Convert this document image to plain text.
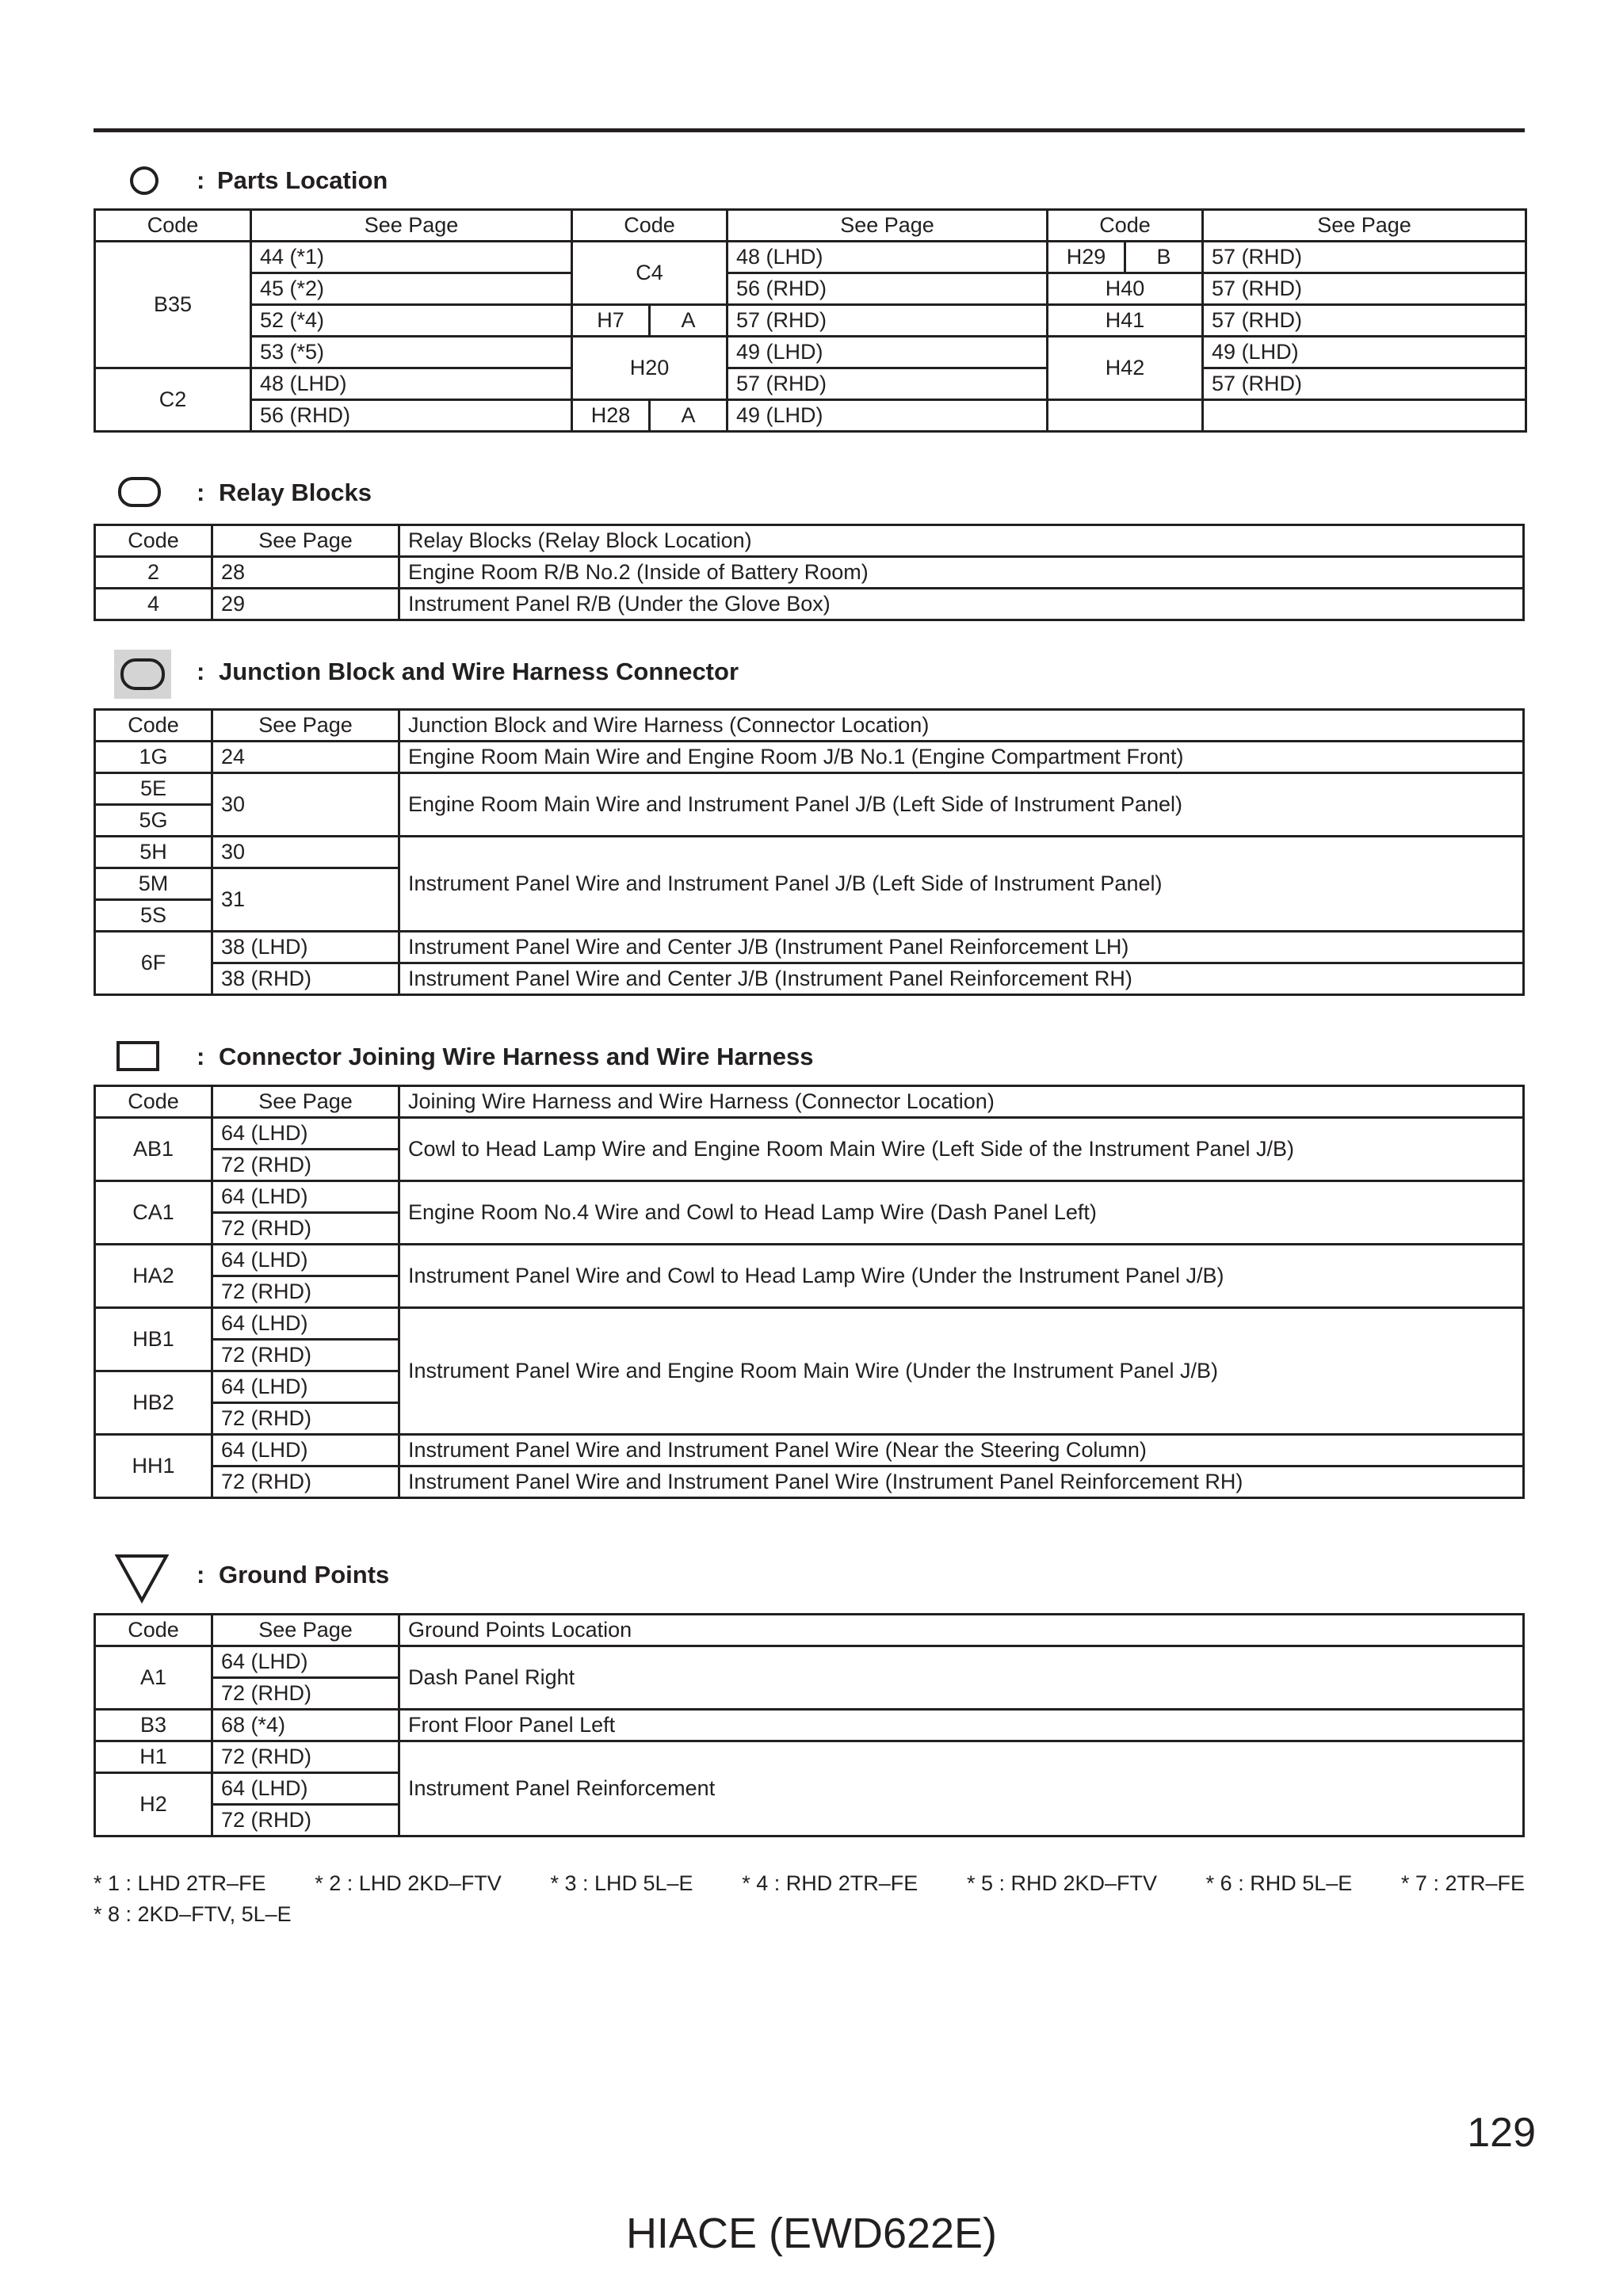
: Parts Location
Code	See Page	Code		See Page	Code		See Page
B35	44 (*1)	C4		48 (LHD)	H29	B	57 (RHD)
	45 (*2)			56 (RHD)	H40		57 (RHD)
	52 (*4)	H7	A	57 (RHD)	H41		57 (RHD)
	53 (*5)	H20		49 (LHD)	H42		49 (LHD)
C2	48 (LHD)			57 (RHD)			57 (RHD)
	56 (RHD)	H28	A	49 (LHD)			
: Relay Blocks
Code	See Page	Relay Blocks (Relay Block Location)
2	28	Engine Room R/B No.2 (Inside of Battery Room)
4	29	Instrument Panel R/B (Under the Glove Box)
: Junction Block and Wire Harness Connector
Code	See Page	Junction Block and Wire Harness (Connector Location)
1G	24	Engine Room Main Wire and Engine Room J/B No.1 (Engine Compartment Front)
5E	30	Engine Room Main Wire and Instrument Panel J/B (Left Side of Instrument Panel)
5G		
5H	30	Instrument Panel Wire and Instrument Panel J/B (Left Side of Instrument Panel)
5M	31	
5S		
6F	38 (LHD)	Instrument Panel Wire and Center J/B (Instrument Panel Reinforcement LH)
	38 (RHD)	Instrument Panel Wire and Center J/B (Instrument Panel Reinforcement RH)
: Connector Joining Wire Harness and Wire Harness
Code	See Page	Joining Wire Harness and Wire Harness (Connector Location)
AB1	64 (LHD)	Cowl to Head Lamp Wire and Engine Room Main Wire (Left Side of the Instrument Panel J/B)
	72 (RHD)	
CA1	64 (LHD)	Engine Room No.4 Wire and Cowl to Head Lamp Wire (Dash Panel Left)
	72 (RHD)	
HA2	64 (LHD)	Instrument Panel Wire and Cowl to Head Lamp Wire (Under the Instrument Panel J/B)
	72 (RHD)	
HB1	64 (LHD)	Instrument Panel Wire and Engine Room Main Wire (Under the Instrument Panel J/B)
	72 (RHD)	
HB2	64 (LHD)	
	72 (RHD)	
HH1	64 (LHD)	Instrument Panel Wire and Instrument Panel Wire (Near the Steering Column)
	72 (RHD)	Instrument Panel Wire and Instrument Panel Wire (Instrument Panel Reinforcement RH)
: Ground Points
Code	See Page	Ground Points Location
A1	64 (LHD)	Dash Panel Right
	72 (RHD)	
B3	68 (*4)	Front Floor Panel Left
H1	72 (RHD)	Instrument Panel Reinforcement
H2	64 (LHD)	
	72 (RHD)	
* 1 : LHD 2TR–FE * 2 : LHD 2KD–FTV * 3 : LHD 5L–E * 4 : RHD 2TR–FE * 5 : RHD 2KD–FTV * 6 : RHD 5L–E * 7 : 2TR–FE
* 8 : 2KD–FTV, 5L–E
129
HIACE (EWD622E)
